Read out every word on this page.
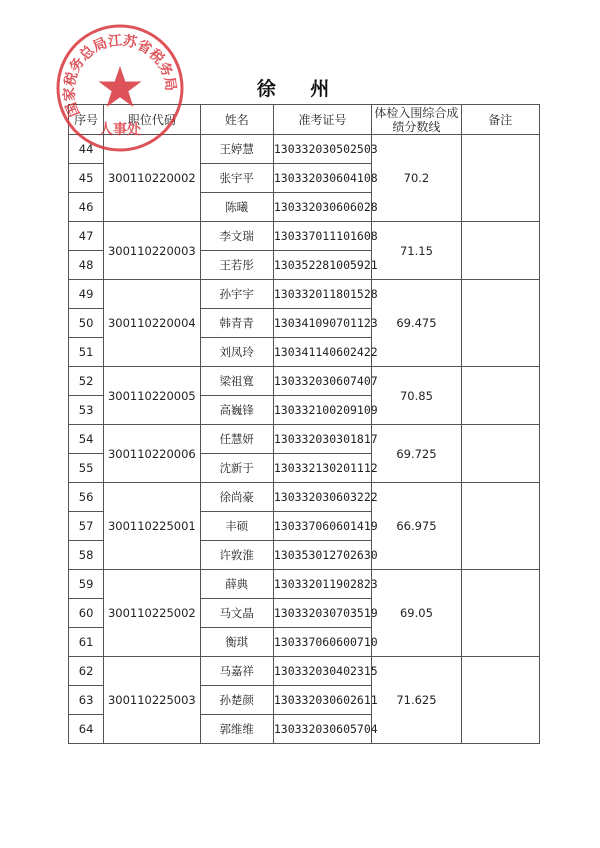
徐 州
序号	职位代码	姓名	准考证号	体检入围综合成绩分数线	备注
44	300110220002	王婷慧	130332030502503	70.2	
45		张宇平	130332030604108		
46		陈曦	130332030606028		
47	300110220003	李文瑞	130337011101608	71.15	
48		王若彤	130352281005921		
49	300110220004	孙宇宇	130332011801528	69.475	
50		韩青青	130341090701123		
51		刘凤玲	130341140602422		
52	300110220005	梁祖寬	130332030607407	70.85	
53		高巍锋	130332100209109		
54	300110220006	任慧妍	130332030301817	69.725	
55		沈新于	130332130201112		
56	300110225001	徐尚豪	130332030603222	66.975	
57		丰硕	130337060601419		
58		许敦淮	130353012702630		
59	300110225002	薛典	130332011902823	69.05	
60		马文晶	130332030703519		
61		衡琪	130337060600710		
62	300110225003	马嘉祥	130332030402315	71.625	
63		孙楚颜	130332030602611		
64		郭维维	130332030605704		
国家税务总局江苏省税务局
人事处
